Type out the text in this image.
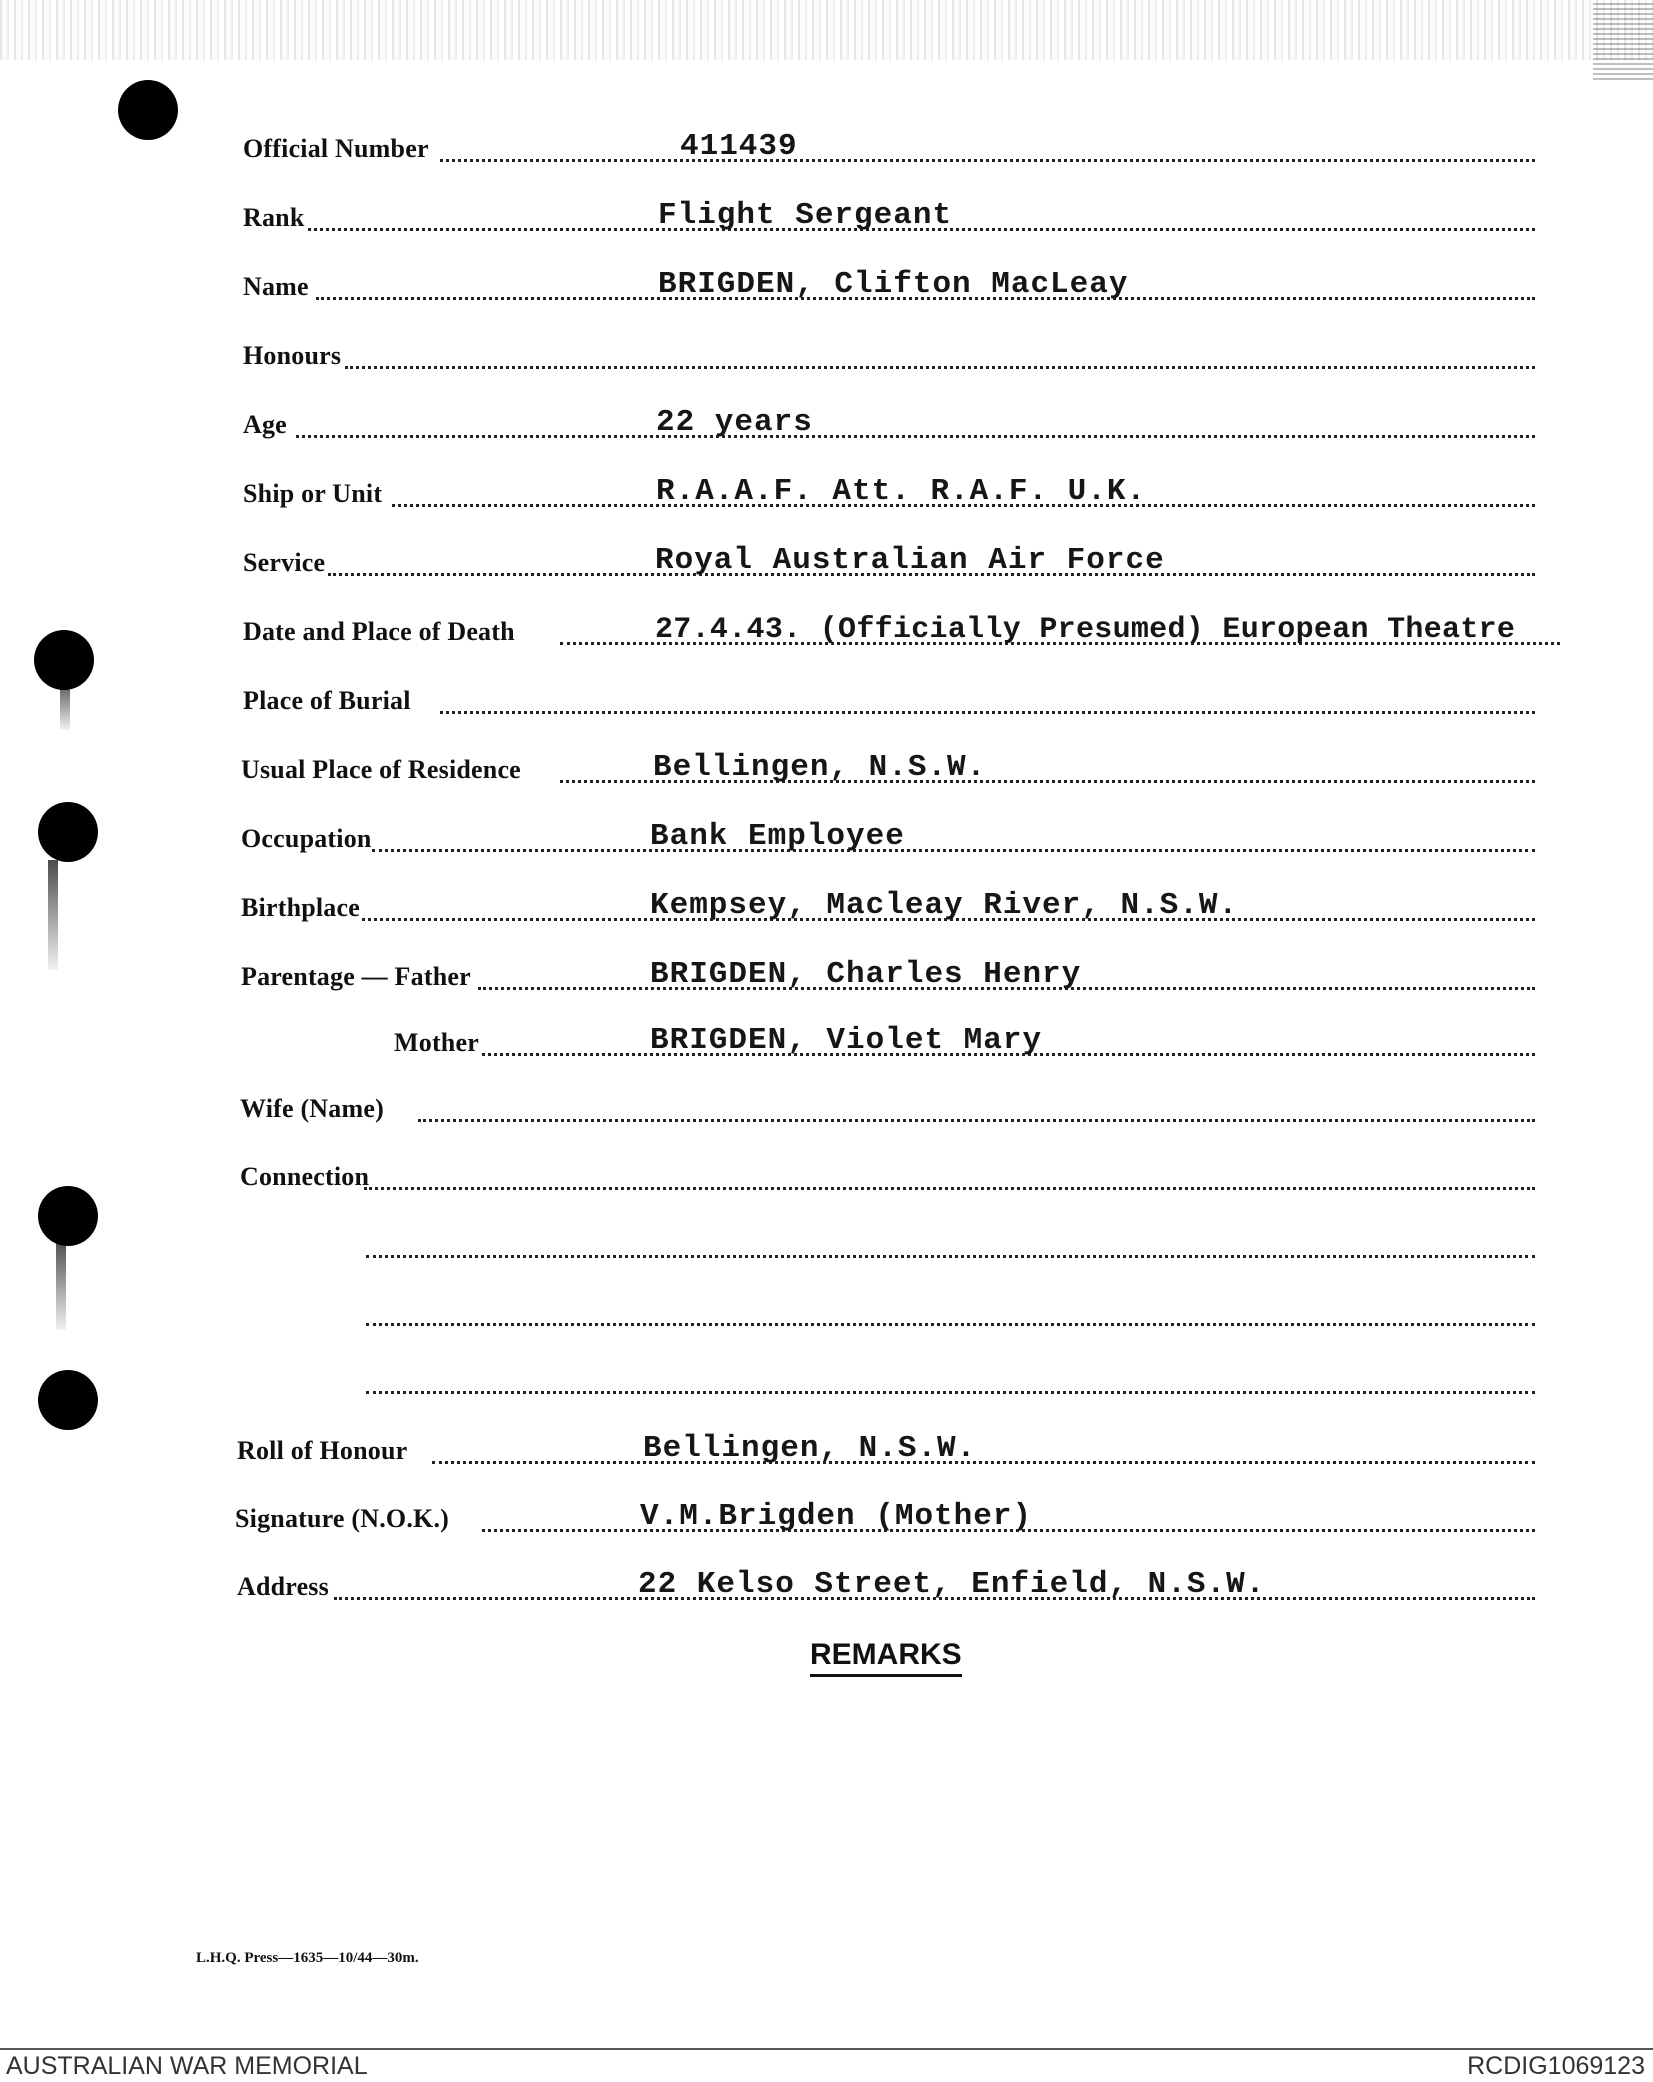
Official Number	411439
Rank	Flight Sergeant
Name	BRIGDEN, Clifton MacLeay
Honours
Age	22 years
Ship or Unit	R.A.A.F. Att. R.A.F. U.K.
Service	Royal Australian Air Force
Date and Place of Death	27.4.43. (Officially Presumed) European Theatre
Place of Burial
Usual Place of Residence	Bellingen, N.S.W.
Occupation	Bank Employee
Birthplace	Kempsey, Macleay River, N.S.W.
Parentage — Father	BRIGDEN, Charles Henry
Mother	BRIGDEN, Violet Mary
Wife (Name)
Connection
Roll of Honour	Bellingen, N.S.W.
Signature (N.O.K.)	V.M.Brigden (Mother)
Address	22 Kelso Street, Enfield, N.S.W.
REMARKS
L.H.Q. Press—1635—10/44—30m.
AUSTRALIAN WAR MEMORIAL	RCDIG1069123
